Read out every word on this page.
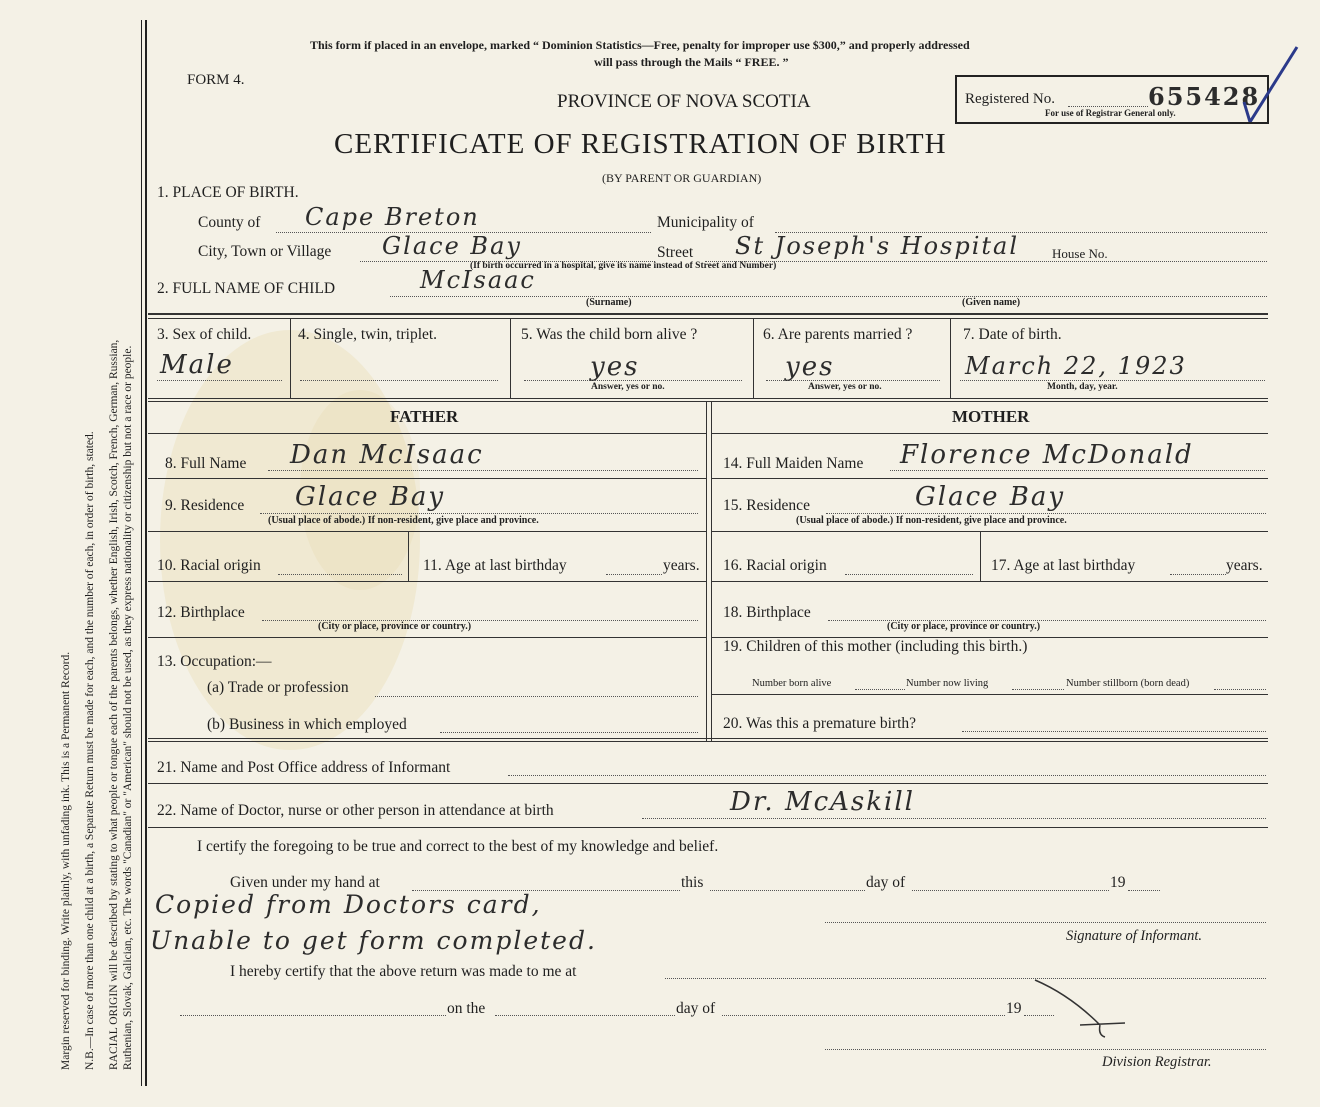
Margin reserved for binding. Write plainly, with unfading ink. This is a Permanent Record. N.B.—In case of more than one child at a birth, a Separate Return must be made for each, and the number of each, in order of birth, stated. RACIAL ORIGIN will be described by stating to what people or tongue each of the parents belongs, whether English, Irish, Scotch, French, German, Russian, Ruthenian, Slovak, Galician, etc. The words "Canadian" or "American" should not be used, as they express nationality or citizenship but not a race or people.
This form if placed in an envelope, marked “ Dominion Statistics—Free, penalty for improper use $300,” and properly addressed
will pass through the Mails “ FREE. ”
FORM 4.
PROVINCE OF NOVA SCOTIA
CERTIFICATE OF REGISTRATION OF BIRTH
(BY PARENT OR GUARDIAN)
Registered No.	655428
For use of Registrar General only.
1. PLACE OF BIRTH.
County of Cape Breton	Municipality of
City, Town or Village Glace Bay	Street St Joseph's Hospital	House No.
(If birth occurred in a hospital, give its name instead of Street and Number)
2. FULL NAME OF CHILD	McIsaac
(Surname)	(Given name)
3. Sex of child.
Male
4. Single, twin, triplet.	5. Was the child born alive ?
yes
Answer, yes or no.
6. Are parents married ?
yes
Answer, yes or no.
7. Date of birth.
March 22, 1923
Month, day, year.
FATHER	MOTHER
8. Full Name Dan McIsaac	14. Full Maiden Name Florence McDonald
9. Residence Glace Bay
(Usual place of abode.) If non-resident, give place and province.
15. Residence	Glace Bay
(Usual place of abode.) If non-resident, give place and province.
10. Racial origin	11. Age at last birthday	years. 16. Racial origin	17. Age at last birthday	years.
12. Birthplace
(City or place, province or country.)
18. Birthplace
(City or place, province or country.)
13. Occupation:—
(a) Trade or profession
(b) Business in which employed
19. Children of this mother (including this birth.)
Number born alive	Number now living	Number stillborn (born dead)
20. Was this a premature birth?
21. Name and Post Office address of Informant
22. Name of Doctor, nurse or other person in attendance at birth	Dr. McAskill
I certify the foregoing to be true and correct to the best of my knowledge and belief.
Given under my hand at	this	day of	19
Copied from Doctors card,
Unable to get form completed.	Signature of Informant.
I hereby certify that the above return was made to me at
on the	day of	19
Division Registrar.
